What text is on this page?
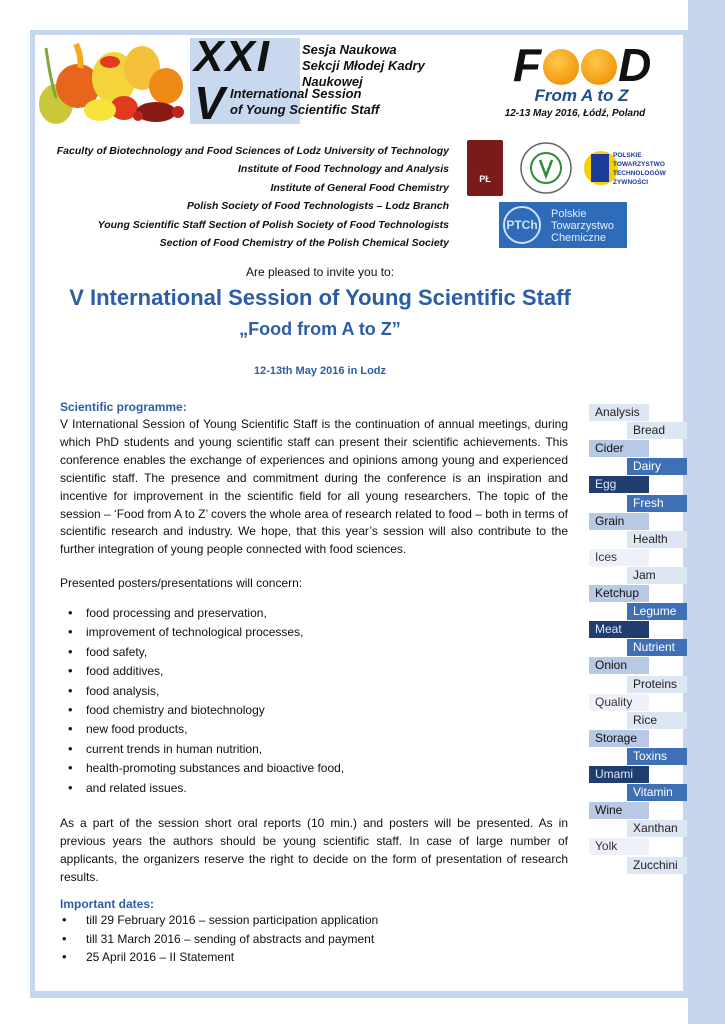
XXI
V
Sesja Naukowa
Sekcji Młodej Kadry Naukowej
International Session
of Young Scientific Staff
F D
From A to Z
12-13 May 2016, Łódź, Poland
Faculty of Biotechnology and Food Sciences of Lodz University of Technology
Institute of Food Technology and Analysis
Institute of General Food Chemistry
Polish Society of Food Technologists – Lodz Branch
Young Scientific Staff Section of Polish Society of Food Technologists
Section of Food Chemistry of the Polish Chemical Society
PŁ
POLSKIE
TOWARZYSTWO
TECHNOLOGÓW
ŻYWNOŚCI
PTCh
Polskie
Towarzystwo
Chemiczne
Are pleased to invite you to:
V International Session of Young Scientific Staff
„Food from A to Z”
12-13th May 2016 in Lodz
Scientific programme:
V International Session of Young Scientific Staff is the continuation of annual meetings, during which PhD students and young scientific staff can present their scientific achievements. This conference enables the exchange of experiences and opinions among young and experienced scientific staff. The presence and commitment during the conference is an inspiration and incentive for improvement in the scientific field for all young researchers. The topic of the session – ‘Food from A to Z’ covers the whole area of research related to food – both in terms of scientific research and industry. We hope, that this year’s session will also contribute to the further integration of young people connected with food sciences.
Presented posters/presentations will concern:
• food processing and preservation,
• improvement of technological processes,
• food safety,
• food additives,
• food analysis,
• food chemistry and biotechnology
• new food products,
• current trends in human nutrition,
• health-promoting substances and bioactive food,
• and related issues.
As a part of the session short oral reports (10 min.) and posters will be presented. As in previous years the authors should be young scientific staff. In case of large number of applicants, the organizers reserve the right to decide on the form of presentation of research results.
Important dates:
• till 29 February 2016 – session participation application
• till 31 March 2016 – sending of abstracts and payment
• 25 April 2016 – II Statement
Analysis
Bread
Cider
Dairy
Egg
Fresh
Grain
Health
Ices
Jam
Ketchup
Legume
Meat
Nutrient
Onion
Proteins
Quality
Rice
Storage
Toxins
Umami
Vitamin
Wine
Xanthan
Yolk
Zucchini
